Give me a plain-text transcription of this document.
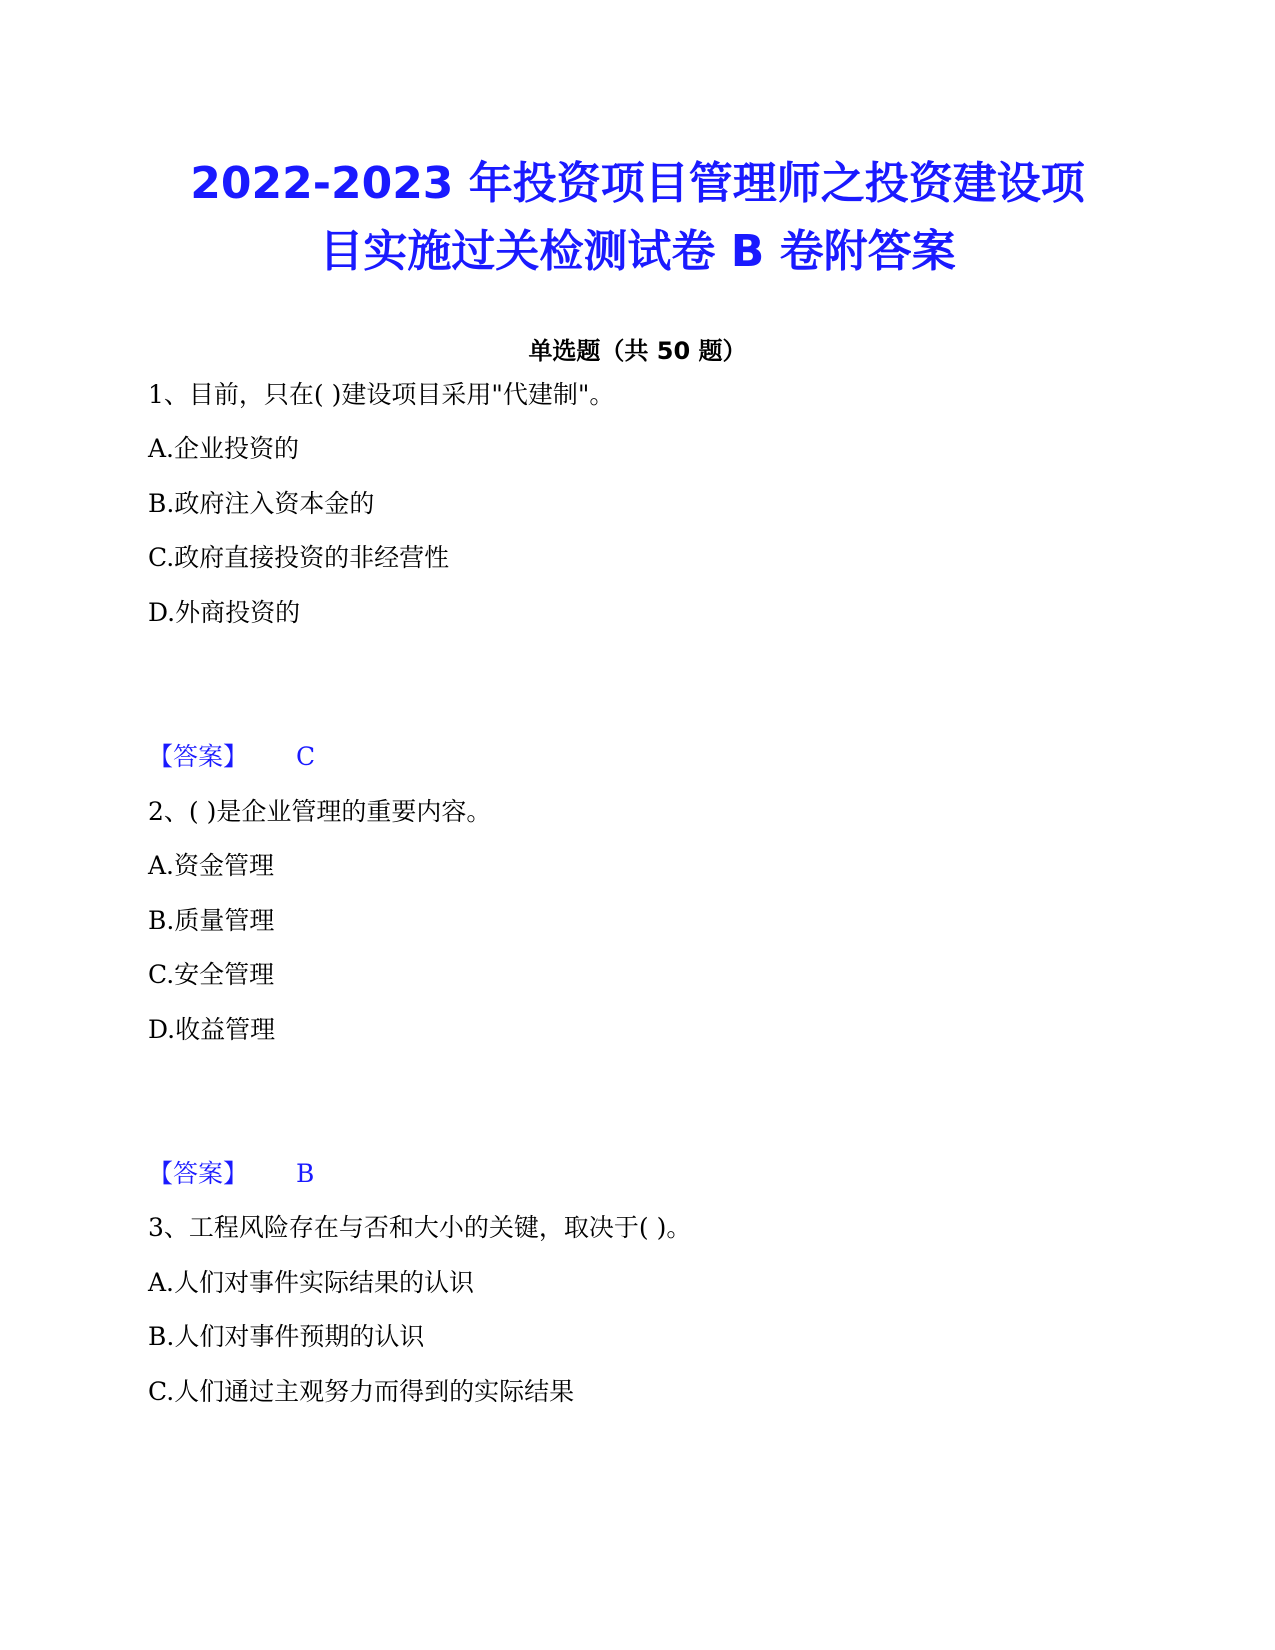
2022-2023 年投资项目管理师之投资建设项
目实施过关检测试卷 B 卷附答案
单选题（共 50 题）

1、目前，只在( )建设项目采用"代建制"。

A.企业投资的

B.政府注入资本金的

C.政府直接投资的非经营性

D.外商投资的

【答案】 C

2、( )是企业管理的重要内容。

A.资金管理

B.质量管理

C.安全管理

D.收益管理

【答案】 B

3、工程风险存在与否和大小的关键，取决于( )。

A.人们对事件实际结果的认识

B.人们对事件预期的认识

C.人们通过主观努力而得到的实际结果
